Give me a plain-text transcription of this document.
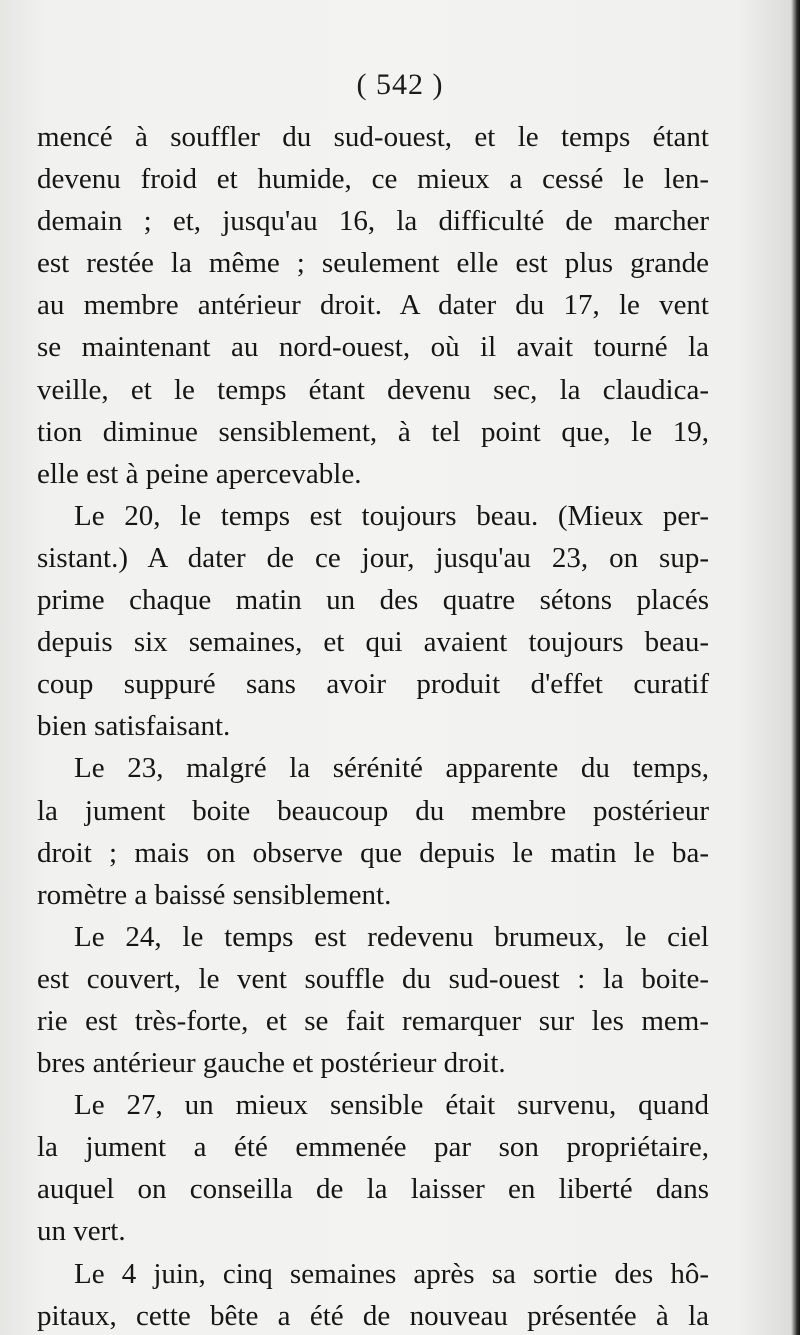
( 542 )
mencé à souffler du sud-ouest, et le temps étant
devenu froid et humide, ce mieux a cessé le len-
demain ; et, jusqu'au 16, la difficulté de marcher
est restée la même ; seulement elle est plus grande
au membre antérieur droit. A dater du 17, le vent
se maintenant au nord-ouest, où il avait tourné la
veille, et le temps étant devenu sec, la claudica-
tion diminue sensiblement, à tel point que, le 19,
elle est à peine apercevable.
Le 20, le temps est toujours beau. (Mieux per-
sistant.) A dater de ce jour, jusqu'au 23, on sup-
prime chaque matin un des quatre sétons placés
depuis six semaines, et qui avaient toujours beau-
coup suppuré sans avoir produit d'effet curatif
bien satisfaisant.
Le 23, malgré la sérénité apparente du temps,
la jument boite beaucoup du membre postérieur
droit ; mais on observe que depuis le matin le ba-
romètre a baissé sensiblement.
Le 24, le temps est redevenu brumeux, le ciel
est couvert, le vent souffle du sud-ouest : la boite-
rie est très-forte, et se fait remarquer sur les mem-
bres antérieur gauche et postérieur droit.
Le 27, un mieux sensible était survenu, quand
la jument a été emmenée par son propriétaire,
auquel on conseilla de la laisser en liberté dans
un vert.
Le 4 juin, cinq semaines après sa sortie des hô-
pitaux, cette bête a été de nouveau présentée à la
